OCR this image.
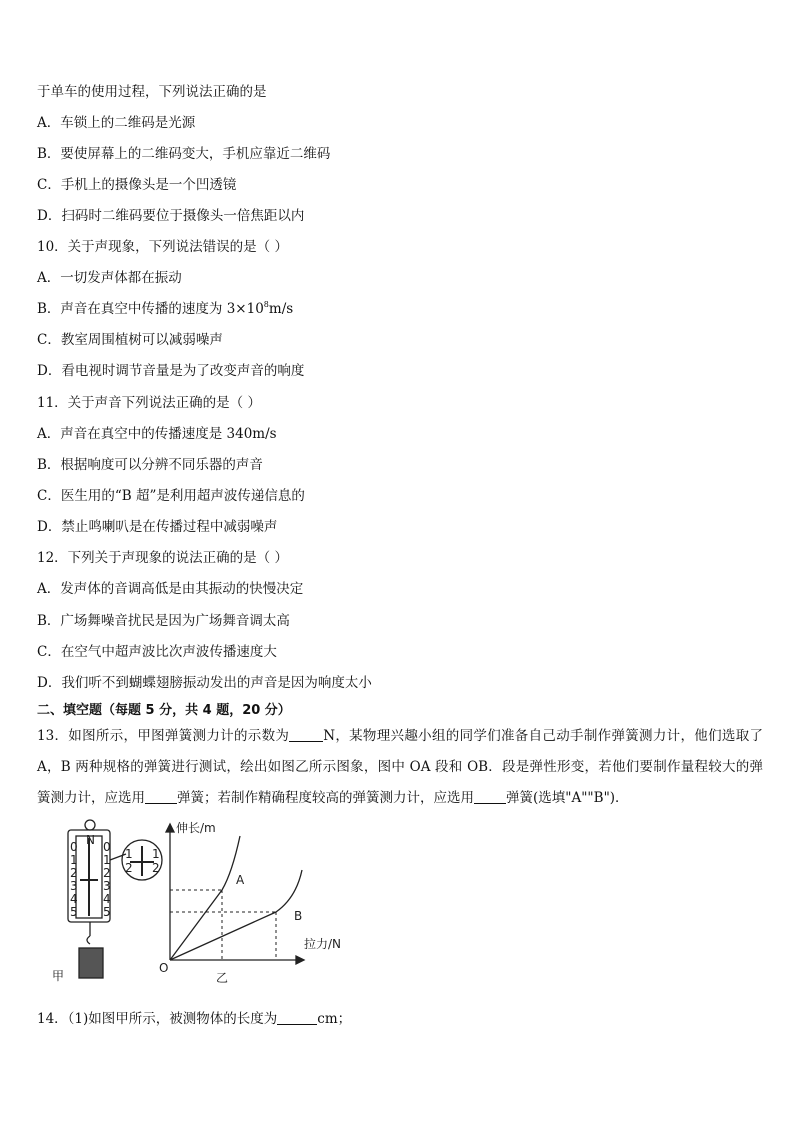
于单车的使用过程，下列说法正确的是
A．车锁上的二维码是光源
B．要使屏幕上的二维码变大，手机应靠近二维码
C．手机上的摄像头是一个凹透镜
D．扫码时二维码要位于摄像头一倍焦距以内
10．关于声现象，下列说法错误的是（ ）
A．一切发声体都在振动
B．声音在真空中传播的速度为 $3\times 10^8m/s$
C．教室周围植树可以减弱噪声
D．看电视时调节音量是为了改变声音的响度
11．关于声音下列说法正确的是（ ）
A．声音在真空中的传播速度是 340m/s
B．根据响度可以分辨不同乐器的声音
C．医生用的“B 超”是利用超声波传递信息的
D．禁止鸣喇叭是在传播过程中减弱噪声
12．下列关于声现象的说法正确的是（ ）
A．发声体的音调高低是由其振动的快慢决定
B．广场舞噪音扰民是因为广场舞音调太高
C．在空气中超声波比次声波传播速度大
D．我们听不到蝴蝶翅膀振动发出的声音是因为响度太小
二、填空题（每题 5 分，共 4 题，20 分）
13．如图所示，甲图弹簧测力计的示数为	N，某物理兴趣小组的同学们准备自己动手制作弹簧测力计，他们选取了 A，B 两种规格的弹簧进行测试，绘出如图乙所示图象，图中 OA 段和 OB．段是弹性形变，若他们要制作量程较大的弹簧测力计，应选用 弹簧；若制作精确程度较高的弹簧测力计，应选用 弹簧(选填"A""B")．
N
0
1
2
3
4
5
0
1
2
3
4
5
1
2
1
2
甲
伸长/m
拉力/N
O
A
B
乙
14．（1)如图甲所示，被测物体的长度为	cm；
